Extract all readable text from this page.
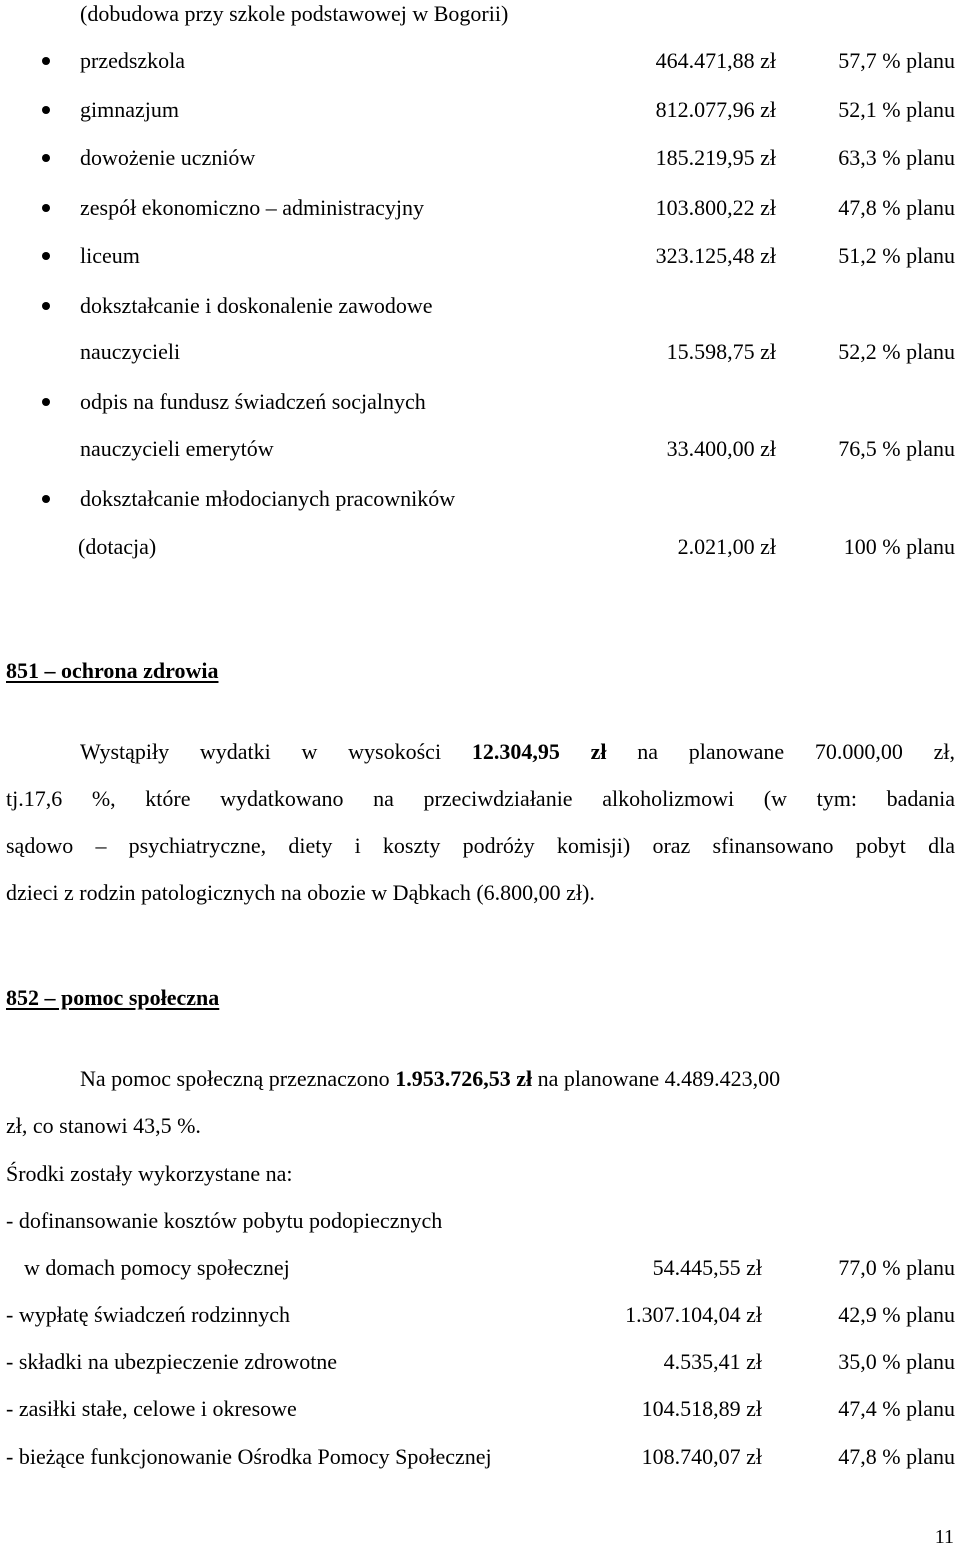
(dobudowa przy szkole podstawowej w Bogorii)
przedszkola	464.471,88 zł	57,7 % planu
gimnazjum	812.077,96 zł	52,1 % planu
dowożenie uczniów	185.219,95 zł	63,3 % planu
zespół ekonomiczno – administracyjny	103.800,22 zł	47,8 % planu
liceum	323.125,48 zł	51,2 % planu
dokształcanie i doskonalenie zawodowe
nauczycieli	15.598,75 zł	52,2 % planu
odpis na fundusz świadczeń socjalnych
nauczycieli emerytów	33.400,00 zł	76,5 % planu
dokształcanie młodocianych pracowników
(dotacja)	2.021,00 zł	100 % planu
851 – ochrona zdrowia
Wystąpiły wydatki w wysokości 12.304,95 zł na planowane 70.000,00 zł,
tj.17,6 %, które wydatkowano na przeciwdziałanie alkoholizmowi (w tym: badania
sądowo – psychiatryczne, diety i koszty podróży komisji) oraz sfinansowano pobyt dla
dzieci z rodzin patologicznych na obozie w Dąbkach (6.800,00 zł).
852 – pomoc społeczna
Na pomoc społeczną przeznaczono 1.953.726,53 zł na planowane 4.489.423,00
zł, co stanowi 43,5 %.
Środki zostały wykorzystane na:
- dofinansowanie kosztów pobytu podopiecznych
w domach pomocy społecznej	54.445,55 zł	77,0 % planu
- wypłatę świadczeń rodzinnych	1.307.104,04 zł	42,9 % planu
- składki na ubezpieczenie zdrowotne	4.535,41 zł	35,0 % planu
- zasiłki stałe, celowe i okresowe	104.518,89 zł	47,4 % planu
- bieżące funkcjonowanie Ośrodka Pomocy Społecznej	108.740,07 zł	47,8 % planu
11
